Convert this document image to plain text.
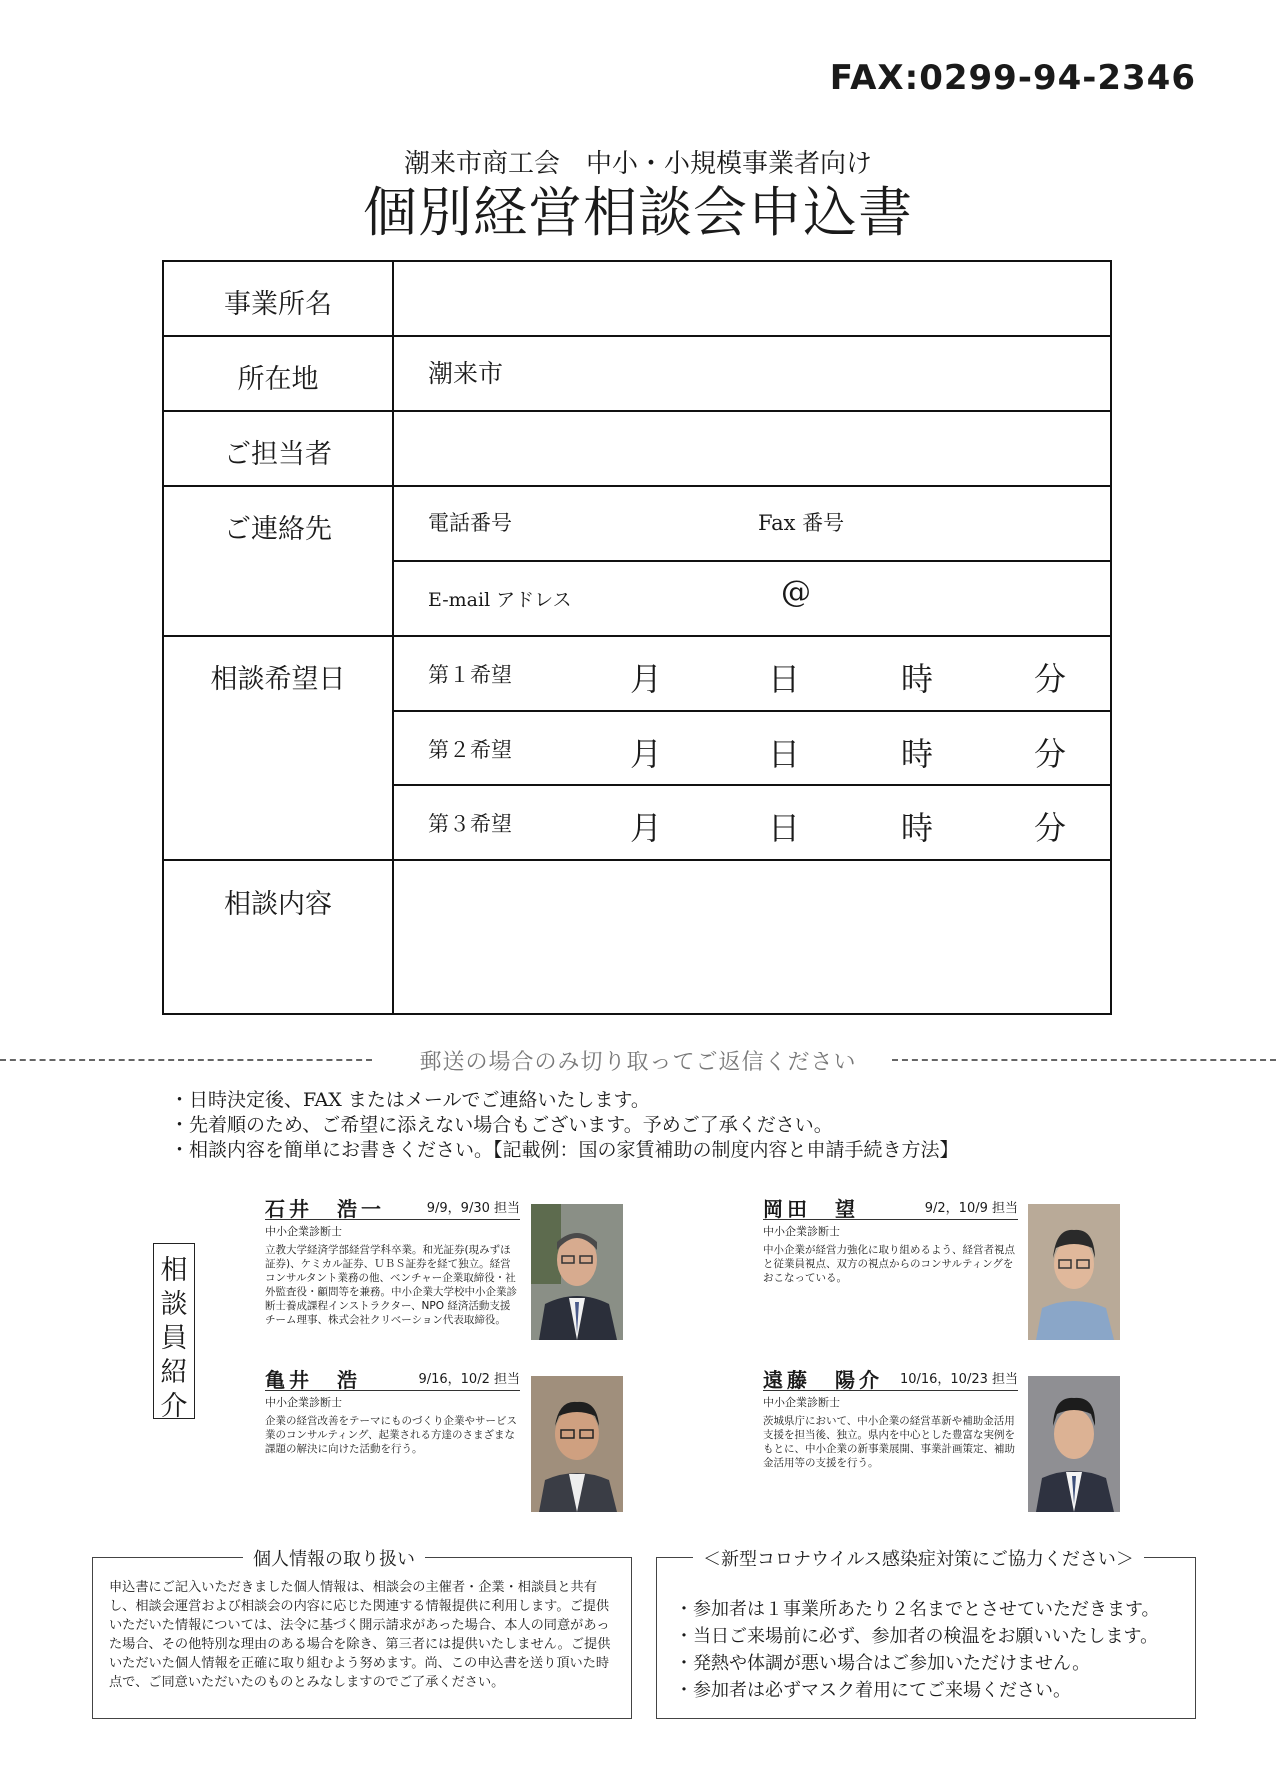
FAX:0299-94-2346
潮来市商工会　中小・小規模事業者向け
個別経営相談会申込書
事業所名
所在地	潮来市
ご担当者
ご連絡先	電話番号	Fax 番号
E-mail アドレス	@
相談希望日	第１希望	月	日	時	分
第２希望	月	日	時	分
第３希望	月	日	時	分
相談内容
郵送の場合のみ切り取ってご返信ください
・日時決定後、FAX またはメールでご連絡いたします。
・先着順のため、ご希望に添えない場合もございます。予めご了承ください。
・相談内容を簡単にお書きください。【記載例：国の家賃補助の制度内容と申請手続き方法】
相
談
員
紹
介
石井　浩一	9/9，9/30 担当
中小企業診断士
立教大学経済学部経営学科卒業。和光証券(現みずほ証券)、ケミカル証券、ＵＢＳ証券を経て独立。経営コンサルタント業務の他、ベンチャー企業取締役・社外監査役・顧問等を兼務。中小企業大学校中小企業診断士養成課程インストラクター、NPO 経済活動支援チーム理事、株式会社クリベーション代表取締役。
岡田　望	9/2，10/9 担当
中小企業診断士
中小企業が経営力強化に取り組めるよう、経営者視点と従業員視点、双方の視点からのコンサルティングをおこなっている。
亀井　浩	9/16，10/2 担当
中小企業診断士
企業の経営改善をテーマにものづくり企業やサービス業のコンサルティング、起業される方達のさまざまな課題の解決に向けた活動を行う。
遠藤　陽介 10/16，10/23 担当
中小企業診断士
茨城県庁において、中小企業の経営革新や補助金活用支援を担当後、独立。県内を中心とした豊富な実例をもとに、中小企業の新事業展開、事業計画策定、補助金活用等の支援を行う。
個人情報の取り扱い
申込書にご記入いただきました個人情報は、相談会の主催者・企業・相談員と共有し、相談会運営および相談会の内容に応じた関連する情報提供に利用します。ご提供いただいた情報については、法令に基づく開示請求があった場合、本人の同意があった場合、その他特別な理由のある場合を除き、第三者には提供いたしません。ご提供いただいた個人情報を正確に取り組むよう努めます。尚、この申込書を送り頂いた時点で、ご同意いただいたのものとみなしますのでご了承ください。
＜新型コロナウイルス感染症対策にご協力ください＞
・参加者は１事業所あたり２名までとさせていただきます。
・当日ご来場前に必ず、参加者の検温をお願いいたします。
・発熱や体調が悪い場合はご参加いただけません。
・参加者は必ずマスク着用にてご来場ください。
